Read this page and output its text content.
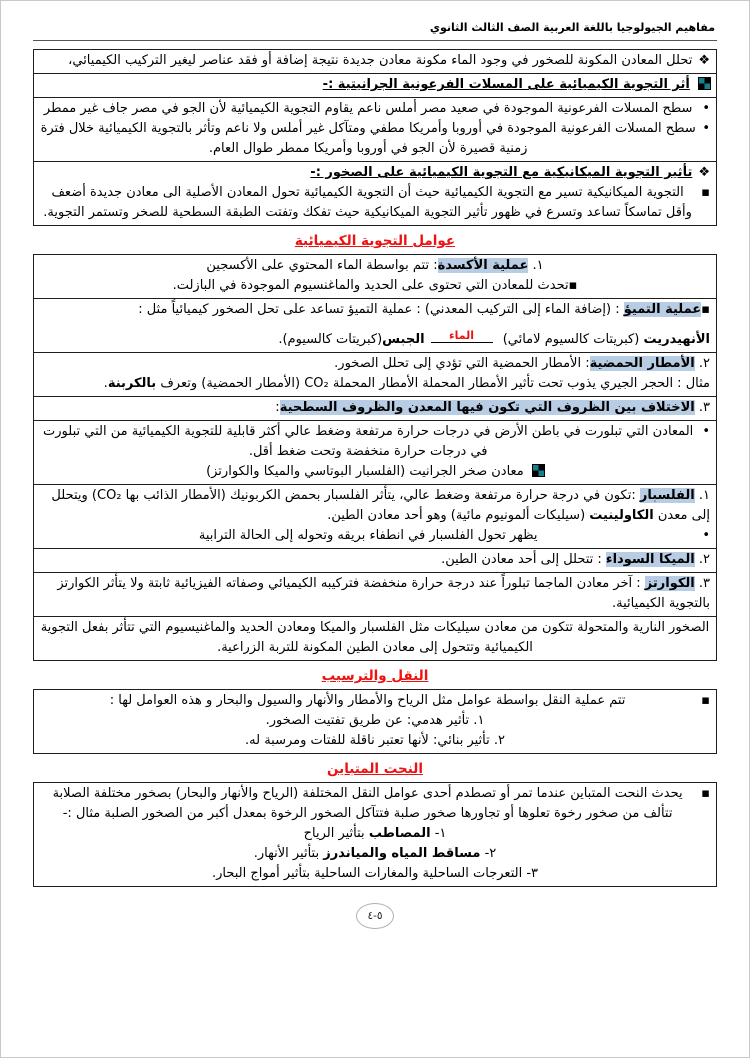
مفاهيم الجيولوجيا باللغة العربية الصف الثالث الثانوي
❖
تحلل المعادن المكونة للصخور في وجود الماء مكونة معادن جديدة نتيجة إضافة أو فقد عناصر ليغير التركيب الكيميائي،
أثر التجوية الكيميائية على المسلات الفرعونية الجرانيتية :-
•
سطح المسلات الفرعونية الموجودة في صعيد مصر أملس ناعم يقاوم التجوية الكيميائية لأن الجو في مصر جاف غير ممطر
•
سطح المسلات الفرعونية الموجودة في أوروبا وأمريكا مطفي ومتآكل غير أملس ولا ناعم وتأثر بالتجوية الكيميائية خلال فترة زمنية قصيرة لأن الجو في أوروبا وأمريكا ممطر طوال العام.
❖
تأثير التجوية الميكانيكية مع التجوية الكيميائية على الصخور :-
▪
التجوية الميكانيكية تسير مع التجوية الكيميائية حيث أن التجوية الكيميائية تحول المعادن الأصلية الى معادن جديدة أضعف وأقل تماسكاً تساعد وتسرع في ظهور تأثير التجوية الميكانيكية حيث تفكك وتفتت الطبقة السطحية للصخر وتستمر التجوية.
عوامل التجوية الكيميائية
١. عملية الأكسدة: تتم بواسطة الماء المحتوي على الأكسجين
▪تحدث للمعادن التي تحتوى على الحديد والماغنسيوم الموجودة في البازلت.
▪عملية التميؤ : (إضافة الماء إلى التركيب المعدني) : عملية التميؤ تساعد على تحل الصخور كيميائياً مثل :
الأنهيدريت (كبريتات كالسيوم لامائي)
الماء
الجبس(كبريتات كالسيوم).
٢. الأمطار الحمضية: الأمطار الحمضية التي تؤدي إلى تحلل الصخور.
مثال : الحجر الجيري يذوب تحت تأثير الأمطار المحملة الأمطار المحملة CO₂ (الأمطار الحمضية) وتعرف بالكربنة.
٣. الاختلاف بين الظروف التي تكون فيها المعدن والظروف السطحية:
•
المعادن التي تبلورت في باطن الأرض في درجات حرارة مرتفعة وضغط عالي أكثر قابلية للتجوية الكيميائية من التي تبلورت في درجات حرارة منخفضة وتحت ضغط أقل.
معادن صخر الجرانيت (الفلسبار البوتاسي والميكا والكوارتز)
١. الفلسبار :تكون في درجة حرارة مرتفعة وضغط عالي، يتأثر الفلسبار بحمض الكربونيك (الأمطار الذائب بها CO₂) ويتحلل إلى معدن الكاولينيت (سيليكات ألمونيوم مائية) وهو أحد معادن الطين.
•
يظهر تحول الفلسبار في انطفاء بريقه وتحوله إلى الحالة الترابية
٢. الميكا السوداء : تتحلل إلى أحد معادن الطين.
٣. الكوارتز : آخر معادن الماجما تبلوراً عند درجة حرارة منخفضة فتركيبه الكيميائي وصفاته الفيزيائية ثابتة ولا يتأثر الكوارتز بالتجوية الكيميائية.
الصخور النارية والمتحولة تتكون من معادن سيليكات مثل الفلسبار والميكا ومعادن الحديد والماغنيسيوم التي تتأثر بفعل التجوية الكيميائية وتتحول إلى معادن الطين المكونة للتربة الزراعية.
النقل والترسيب
▪
تتم عملية النقل بواسطة عوامل مثل الرياح والأمطار والأنهار والسيول والبحار و هذه العوامل لها :
١. تأثير هدمي: عن طريق تفتيت الصخور.
٢. تأثير بنائي: لأنها تعتبر ناقلة للفتات ومرسبة له.
النحت المتباين
▪
يحدث النحت المتباين عندما تمر أو تصطدم أحدى عوامل النقل المختلفة (الرياح والأنهار والبحار) بصخور مختلفة الصلابة تتألف من صخور رخوة تعلوها أو تجاورها صخور صلبة فتتآكل الصخور الرخوة بمعدل أكبر من الصخور الصلبة مثال :-
١- المصاطب بتأثير الرياح
٢- مساقط المياه والمياندرز بتأثير الأنهار.
٣- التعرجات الساحلية والمغارات الساحلية بتأثير أمواج البحار.
٥-٤
